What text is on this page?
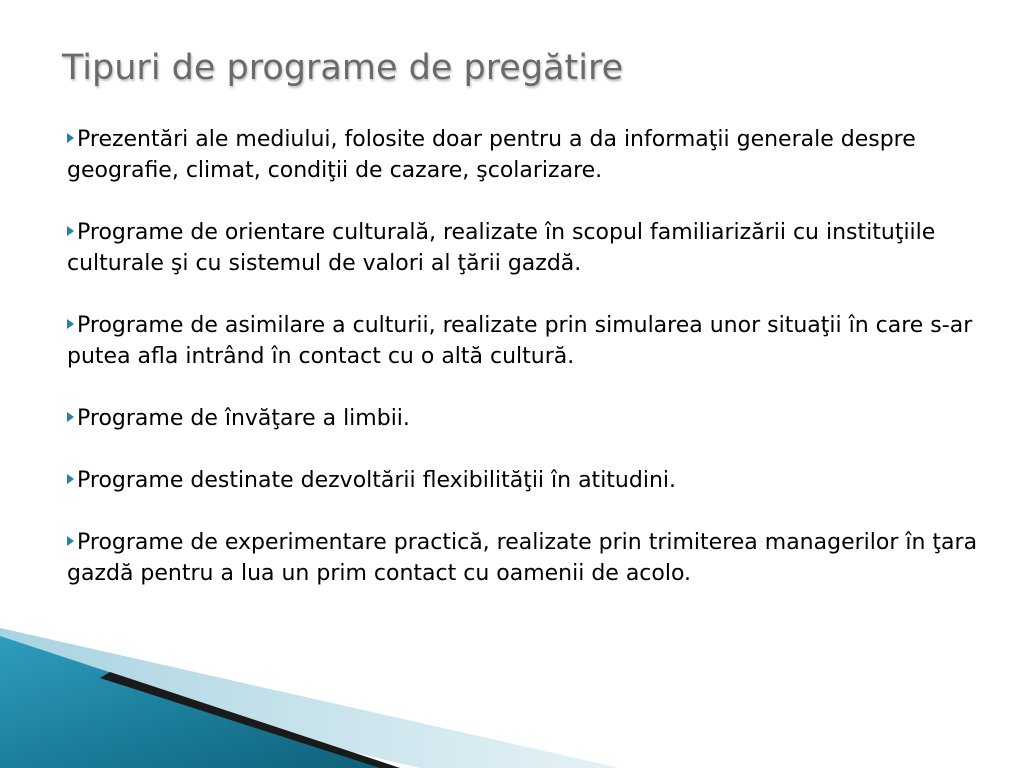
Tipuri de programe de pregătire
Prezentări ale mediului, folosite doar pentru a da informaţii generale despre geografie, climat, condiţii de cazare, şcolarizare.
Programe de orientare culturală, realizate în scopul familiarizării cu instituţiile culturale şi cu sistemul de valori al ţării gazdă.
Programe de asimilare a culturii, realizate prin simularea unor situaţii în care s-ar putea afla intrând în contact cu o altă cultură.
Programe de învăţare a limbii.
Programe destinate dezvoltării flexibilităţii în atitudini.
Programe de experimentare practică, realizate prin trimiterea managerilor în ţara gazdă pentru a lua un prim contact cu oamenii de acolo.
